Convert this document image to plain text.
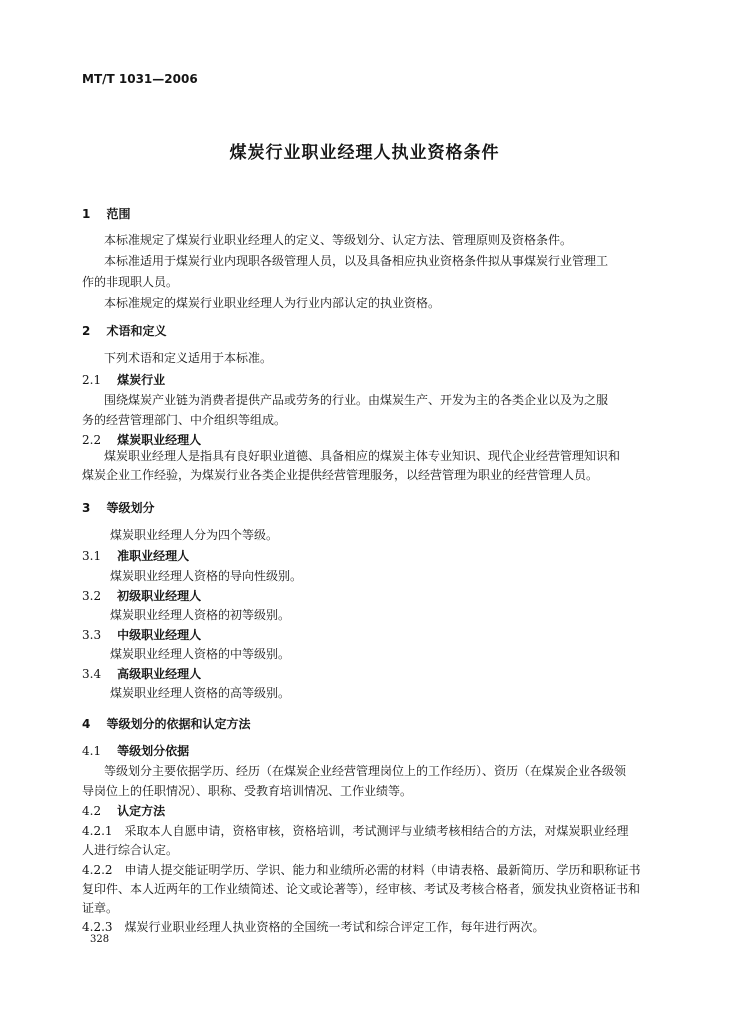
MT/T 1031—2006
煤炭行业职业经理人执业资格条件
1 范围
本标准规定了煤炭行业职业经理人的定义、等级划分、认定方法、管理原则及资格条件。
本标准适用于煤炭行业内现职各级管理人员，以及具备相应执业资格条件拟从事煤炭行业管理工
作的非现职人员。
本标准规定的煤炭行业职业经理人为行业内部认定的执业资格。
2 术语和定义
下列术语和定义适用于本标准。
2.1 煤炭行业
围绕煤炭产业链为消费者提供产品或劳务的行业。由煤炭生产、开发为主的各类企业以及为之服
务的经营管理部门、中介组织等组成。
2.2 煤炭职业经理人
煤炭职业经理人是指具有良好职业道德、具备相应的煤炭主体专业知识、现代企业经营管理知识和
煤炭企业工作经验，为煤炭行业各类企业提供经营管理服务，以经营管理为职业的经营管理人员。
3 等级划分
煤炭职业经理人分为四个等级。
3.1 准职业经理人
煤炭职业经理人资格的导向性级别。
3.2 初级职业经理人
煤炭职业经理人资格的初等级别。
3.3 中级职业经理人
煤炭职业经理人资格的中等级别。
3.4 高级职业经理人
煤炭职业经理人资格的高等级别。
4 等级划分的依据和认定方法
4.1 等级划分依据
等级划分主要依据学历、经历（在煤炭企业经营管理岗位上的工作经历）、资历（在煤炭企业各级领
导岗位上的任职情况）、职称、受教育培训情况、工作业绩等。
4.2 认定方法
4.2.1　采取本人自愿申请，资格审核，资格培训，考试测评与业绩考核相结合的方法，对煤炭职业经理
人进行综合认定。
4.2.2　申请人提交能证明学历、学识、能力和业绩所必需的材料（申请表格、最新简历、学历和职称证书
复印件、本人近两年的工作业绩简述、论文或论著等），经审核、考试及考核合格者，颁发执业资格证书和
证章。
4.2.3　煤炭行业职业经理人执业资格的全国统一考试和综合评定工作，每年进行两次。
328
